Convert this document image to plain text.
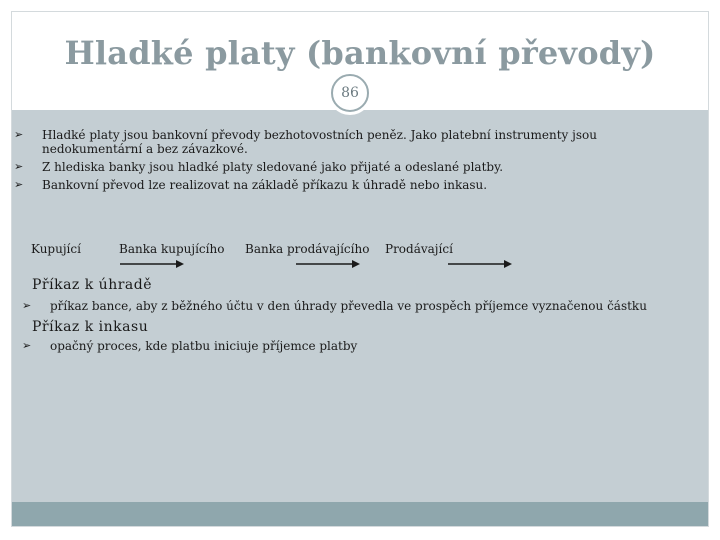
Hladké platy (bankovní převody)
86
➢ Hladké platy jsou bankovní převody bezhotovostních peněz. Jako platební instrumenty jsou nedokumentární a bez závazkové.
➢ Z hlediska banky jsou hladké platy sledované jako přijaté a odeslané platby.
➢ Bankovní převod lze realizovat na základě příkazu k úhradě nebo inkasu.
Kupující	Banka kupujícího Banka prodávajícího Prodávající
Příkaz k úhradě
➢ příkaz bance, aby z běžného účtu v den úhrady převedla ve prospěch příjemce vyznačenou částku
Příkaz k inkasu
➢ opačný proces, kde platbu iniciuje příjemce platby
